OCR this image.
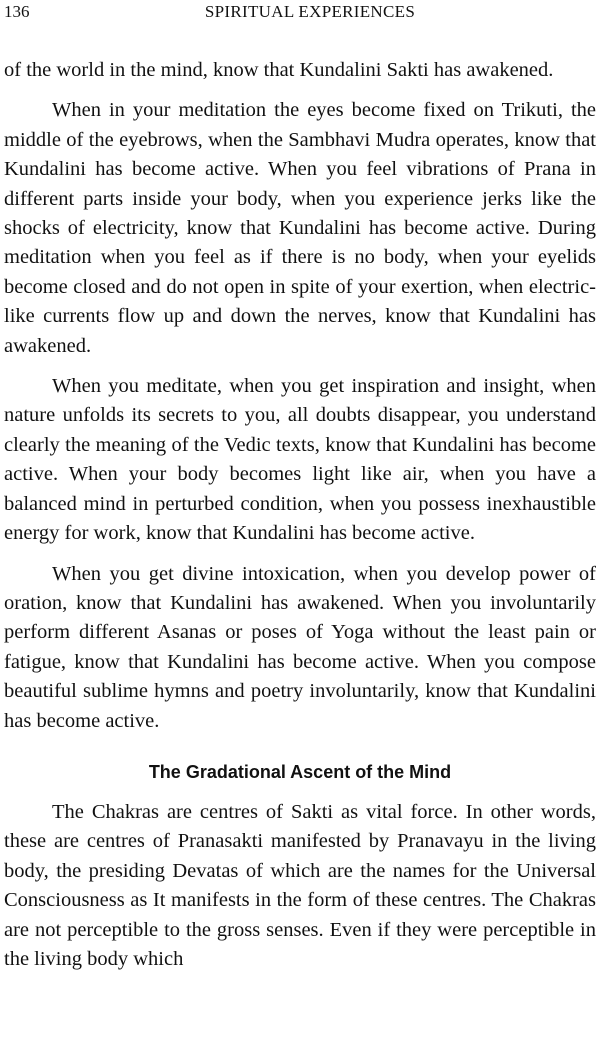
136	SPIRITUAL EXPERIENCES

of the world in the mind, know that Kundalini Sakti has awakened.

When in your meditation the eyes become fixed on Trikuti, the middle of the eyebrows, when the Sambhavi Mudra operates, know that Kundalini has become active. When you feel vibrations of Prana in different parts inside your body, when you experience jerks like the shocks of electricity, know that Kundalini has become active. During meditation when you feel as if there is no body, when your eyelids become closed and do not open in spite of your exertion, when electric-like currents flow up and down the nerves, know that Kundalini has awakened.

When you meditate, when you get inspiration and insight, when nature unfolds its secrets to you, all doubts disappear, you understand clearly the meaning of the Vedic texts, know that Kundalini has become active. When your body becomes light like air, when you have a balanced mind in perturbed condition, when you possess inexhaustible energy for work, know that Kundalini has become active.

When you get divine intoxication, when you develop power of oration, know that Kundalini has awakened. When you involuntarily perform different Asanas or poses of Yoga without the least pain or fatigue, know that Kundalini has become active. When you compose beautiful sublime hymns and poetry involuntarily, know that Kundalini has become active.

The Gradational Ascent of the Mind

The Chakras are centres of Sakti as vital force. In other words, these are centres of Pranasakti manifested by Pranavayu in the living body, the presiding Devatas of which are the names for the Universal Consciousness as It manifests in the form of these centres. The Chakras are not perceptible to the gross senses. Even if they were perceptible in the living body which
